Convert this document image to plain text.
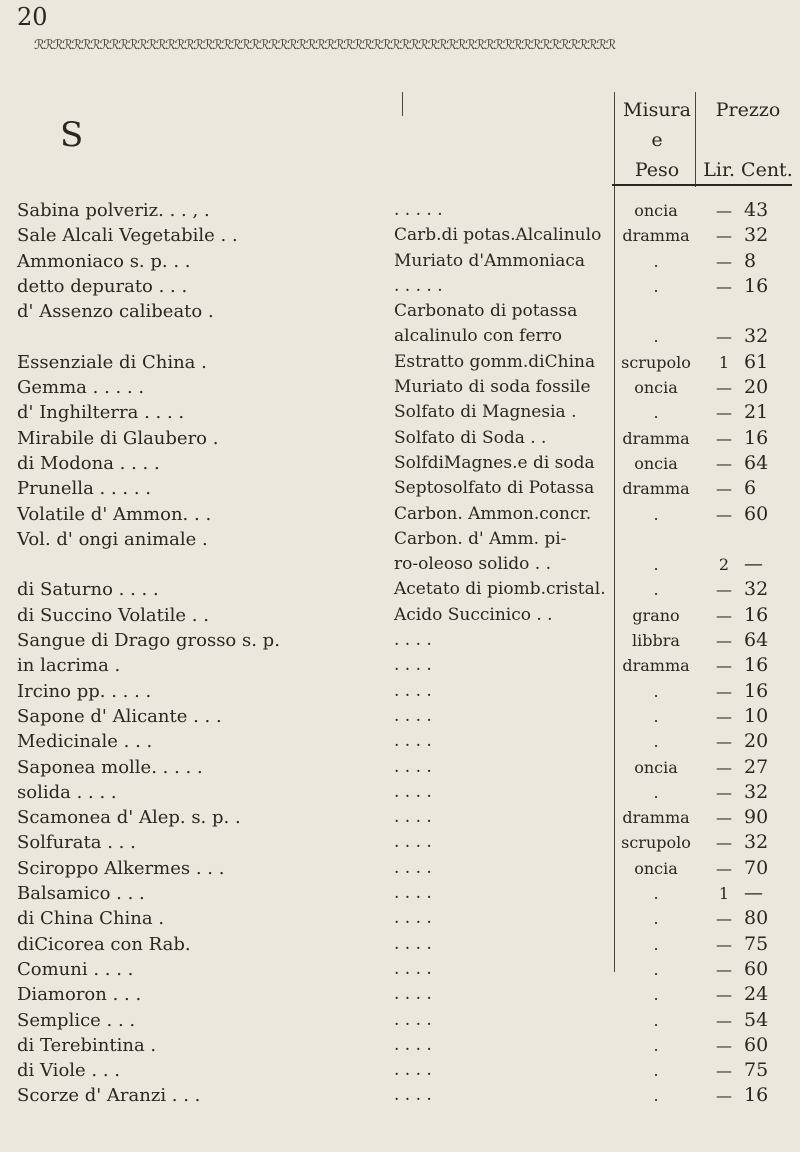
20
ℛℛℛℛℛℛℛℛℛℛℛℛℛℛℛℛℛℛℛℛℛℛℛℛℛℛℛℛℛℛℛℛℛℛℛℛℛℛℛℛℛℛℛℛℛℛℛℛℛℛℛℛℛℛℛℛℛℛℛℛℛℛ
S
Misura
e
Peso
Prezzo

Lir. Cent.
Sabina polveriz. . . , .	. . . . .	oncia	— 43
Sale Alcali Vegetabile . .	Carb.di potas.Alcalinulo	dramma	— 32
Ammoniaco s. p. . .	Muriato d'Ammoniaca	.	— 8
detto depurato . . .	. . . . .	.	— 16
d' Assenzo calibeato .	Carbonato di potassa
alcalinulo con ferro	.	— 32
Essenziale di China .	Estratto gomm.diChina	scrupolo	1 61
Gemma . . . . .	Muriato di soda fossile	oncia	— 20
d' Inghilterra . . . .	Solfato di Magnesia .	.	— 21
Mirabile di Glaubero .	Solfato di Soda . .	dramma	— 16
di Modona . . . .	SolfdiMagnes.e di soda	oncia	— 64
Prunella . . . . .	Septosolfato di Potassa	dramma	— 6
Volatile d' Ammon. . .	Carbon. Ammon.concr.	.	— 60
Vol. d' ongi animale .	Carbon. d' Amm. pi-
ro-oleoso solido . .	.	2 —
di Saturno . . . .	Acetato di piomb.cristal.	.	— 32
di Succino Volatile . .	Acido Succinico . .	grano	— 16
Sangue di Drago grosso s. p.	. . . .	libbra	— 64
in lacrima .	. . . .	dramma	— 16
Ircino pp. . . . .	. . . .	.	— 16
Sapone d' Alicante . . .	. . . .	.	— 10
Medicinale . . .	. . . .	.	— 20
Saponea molle. . . . .	. . . .	oncia	— 27
solida . . . .	. . . .	.	— 32
Scamonea d' Alep. s. p. .	. . . .	dramma	— 90
Solfurata . . .	. . . .	scrupolo	— 32
Sciroppo Alkermes . . .	. . . .	oncia	— 70
Balsamico . . .	. . . .	.	1 —
di China China .	. . . .	.	— 80
diCicorea con Rab.	. . . .	.	— 75
Comuni . . . .	. . . .	.	— 60
Diamoron . . .	. . . .	.	— 24
Semplice . . .	. . . .	.	— 54
di Terebintina .	. . . .	.	— 60
di Viole . . .	. . . .	.	— 75
Scorze d' Aranzi . . .	. . . .	.	— 16
